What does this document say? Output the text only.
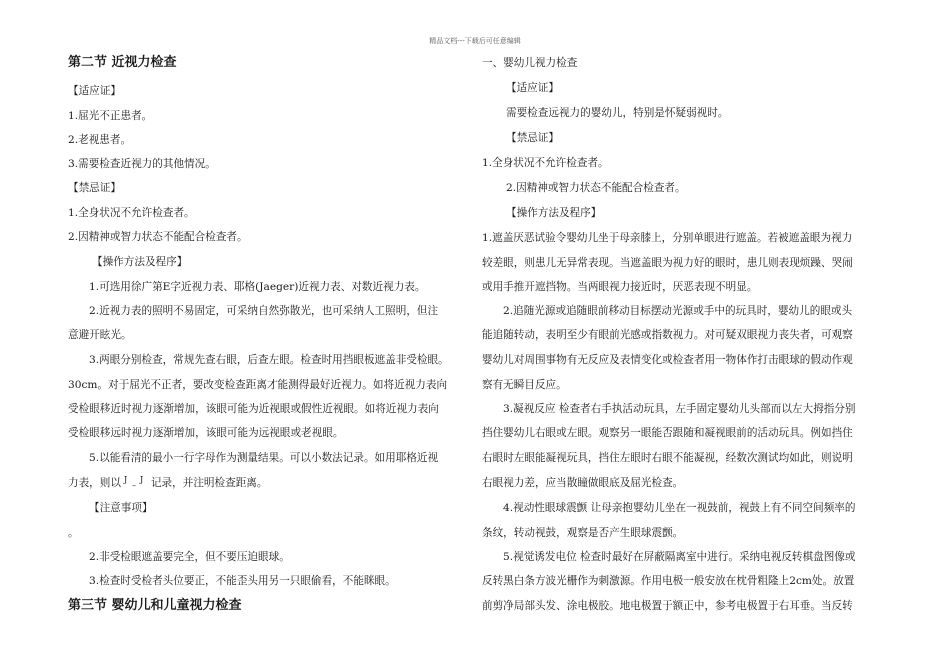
精品文档---下载后可任意编辑
第二节 近视力检查
【适应证】
1.屈光不正患者。
2.老视患者。
3.需要检查近视力的其他情况。
【禁忌证】
1.全身状况不允许检查者。
2.因精神或智力状态不能配合检查者。
【操作方法及程序】
1.可选用徐广第E字近视力表、耶格(Jaeger)近视力表、对数近视力表。
2.近视力表的照明不易固定，可采纳自然弥散光，也可采纳人工照明，但注
意避开眩光。
3.两眼分别检查，常规先查右眼，后查左眼。检查时用挡眼板遮盖非受检眼。
30cm。对于屈光不正者，要改变检查距离才能测得最好近视力。如将近视力表向
受检眼移近时视力逐渐增加，该眼可能为近视眼或假性近视眼。如将近视力表向
受检眼移远时视力逐渐增加，该眼可能为远视眼或老视眼。
5.以能看清的最小一行字母作为测量结果。可以小数法记录。如用耶格近视
力表，则以 J
–
J 记录，并注明检查距离。
【注意事项】
。
2.非受检眼遮盖要完全，但不要压迫眼球。
3.检查时受检者头位要正，不能歪头用另一只眼偷看，不能眯眼。
第三节 婴幼儿和儿童视力检查
一、婴幼儿视力检查
【适应证】
需要检查远视力的婴幼儿，特别是怀疑弱视时。
【禁忌证】
1.全身状况不允许检查者。
2.因精神或智力状态不能配合检查者。
【操作方法及程序】
1.遮盖厌恶试验令婴幼儿坐于母亲膝上，分别单眼进行遮盖。若被遮盖眼为视力
较差眼，则患儿无异常表现。当遮盖眼为视力好的眼时，患儿则表现烦躁、哭闹
或用手推开遮挡物。当两眼视力接近时，厌恶表现不明显。
2.追随光源或追随眼前移动目标摆动光源或手中的玩具时，婴幼儿的眼或头
能追随转动，表明至少有眼前光感或指数视力。对可疑双眼视力丧失者，可观察
婴幼儿对周围事物有无反应及表情变化或检查者用一物体作打击眼球的假动作观
察有无瞬目反应。
3.凝视反应 检查者右手执活动玩具，左手固定婴幼儿头部而以左大拇指分别
挡住婴幼儿右眼或左眼。观察另一眼能否跟随和凝视眼前的活动玩具。例如挡住
右眼时左眼能凝视玩具，挡住左眼时右眼不能凝视，经数次测试均如此，则说明
右眼视力差，应当散瞳做眼底及屈光检查。
4.视动性眼球震颤 让母亲抱婴幼儿坐在一视鼓前，视鼓上有不同空间频率的
条纹，转动视鼓，观察是否产生眼球震颤。
5.视觉诱发电位 检查时最好在屏蔽隔离室中进行。采纳电视反转棋盘图像或
反转黑白条方波光栅作为刺激源。作用电极一般安放在枕骨粗隆上2cm处。放置
前剪净局部头发、涂电极胶。地电极置于额正中，参考电极置于右耳垂。当反转
